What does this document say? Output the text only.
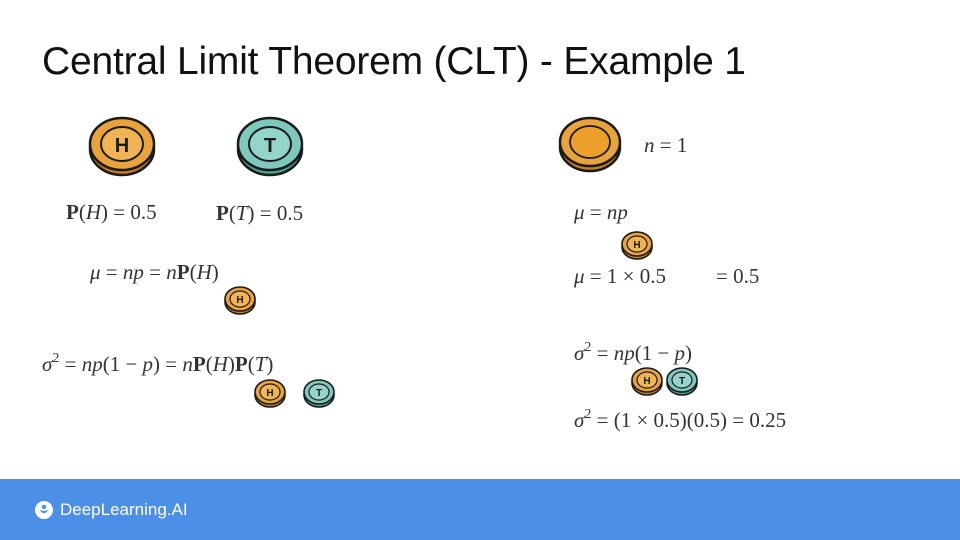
Central Limit Theorem (CLT) - Example 1
H	T
P(H) = 0.5	P(T) = 0.5
μ = np = nP(H)
H
$\sigma^2 = np(1 - p) = nP(H)P(T)$
H	T
n = 1
μ = np
H
μ = 1 × 0.5 = 0.5
$\sigma^2 = np(1 - p)$
H	T
$\sigma^2 = (1 \times 0.5)(0.5) = 0.25$
DeepLearning.AI
